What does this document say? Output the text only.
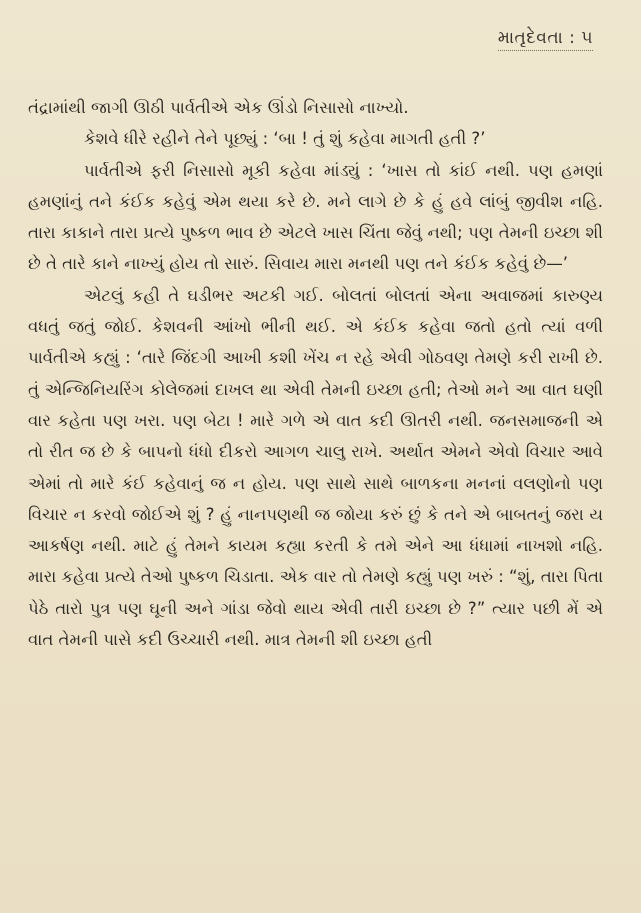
માતૃદેવતા : ૫

તંદ્રામાંથી જાગી ઊઠી પાર્વતીએ એક ઊંડો નિસાસો નાખ્યો.

કેશવે ધીરે રહીને તેને પૂછ્યું : ‘બા ! તું શું કહેવા માગતી હતી ?’

પાર્વતીએ ફરી નિસાસો મૂકી કહેવા માંડ્યું : ‘ખાસ તો કાંઈ નથી. પણ હમણાં હમણાંનું તને કંઈક કહેવું એમ થયા કરે છે. મને લાગે છે કે હું હવે લાંબું જીવીશ નહિ. તારા કાકાને તારા પ્રત્યે પુષ્કળ ભાવ છે એટલે ખાસ ચિંતા જેવું નથી; પણ તેમની ઇચ્છા શી છે તે તારે કાને નાખ્યું હોય તો સારું. સિવાય મારા મનથી પણ તને કંઈક કહેવું છે—’

એટલું કહી તે ઘડીભર અટકી ગઈ. બોલતાં બોલતાં એના અવાજમાં કારુણ્ય વધતું જતું જોઈ. કેશવની આંખો ભીની થઈ. એ કંઈક કહેવા જતો હતો ત્યાં વળી પાર્વતીએ કહ્યું : ‘તારે જિંદગી આખી કશી ખેંચ ન રહે એવી ગોઠવણ તેમણે કરી રાખી છે. તું એન્જિનિયરિંગ કોલેજમાં દાખલ થા એવી તેમની ઇચ્છા હતી; તેઓ મને આ વાત ઘણી વાર કહેતા પણ ખરા. પણ બેટા ! મારે ગળે એ વાત કદી ઊતરી નથી. જનસમાજની એ તો રીત જ છે કે બાપનો ધંધો દીકરો આગળ ચાલુ રાખે. અર્થાત એમને એવો વિચાર આવે એમાં તો મારે કંઈ કહેવાનું જ ન હોય. પણ સાથે સાથે બાળકના મનનાં વલણોનો પણ વિચાર ન કરવો જોઈએ શું ? હું નાનપણથી જ જોયા કરું છું કે તને એ બાબતનું જરા ય આકર્ષણ નથી. માટે હું તેમને કાયમ કહ્યા કરતી કે તમે એને આ ધંધામાં નાખશો નહિ. મારા કહેવા પ્રત્યે તેઓ પુષ્કળ ચિડાતા. એક વાર તો તેમણે કહ્યું પણ ખરું : “શું, તારા પિતા પેઠે તારો પુત્ર પણ ઘૂની અને ગાંડા જેવો થાય એવી તારી ઇચ્છા છે ?” ત્યાર પછી મેં એ વાત તેમની પાસે કદી ઉચ્ચારી નથી. માત્ર તેમની શી ઇચ્છા હતી
